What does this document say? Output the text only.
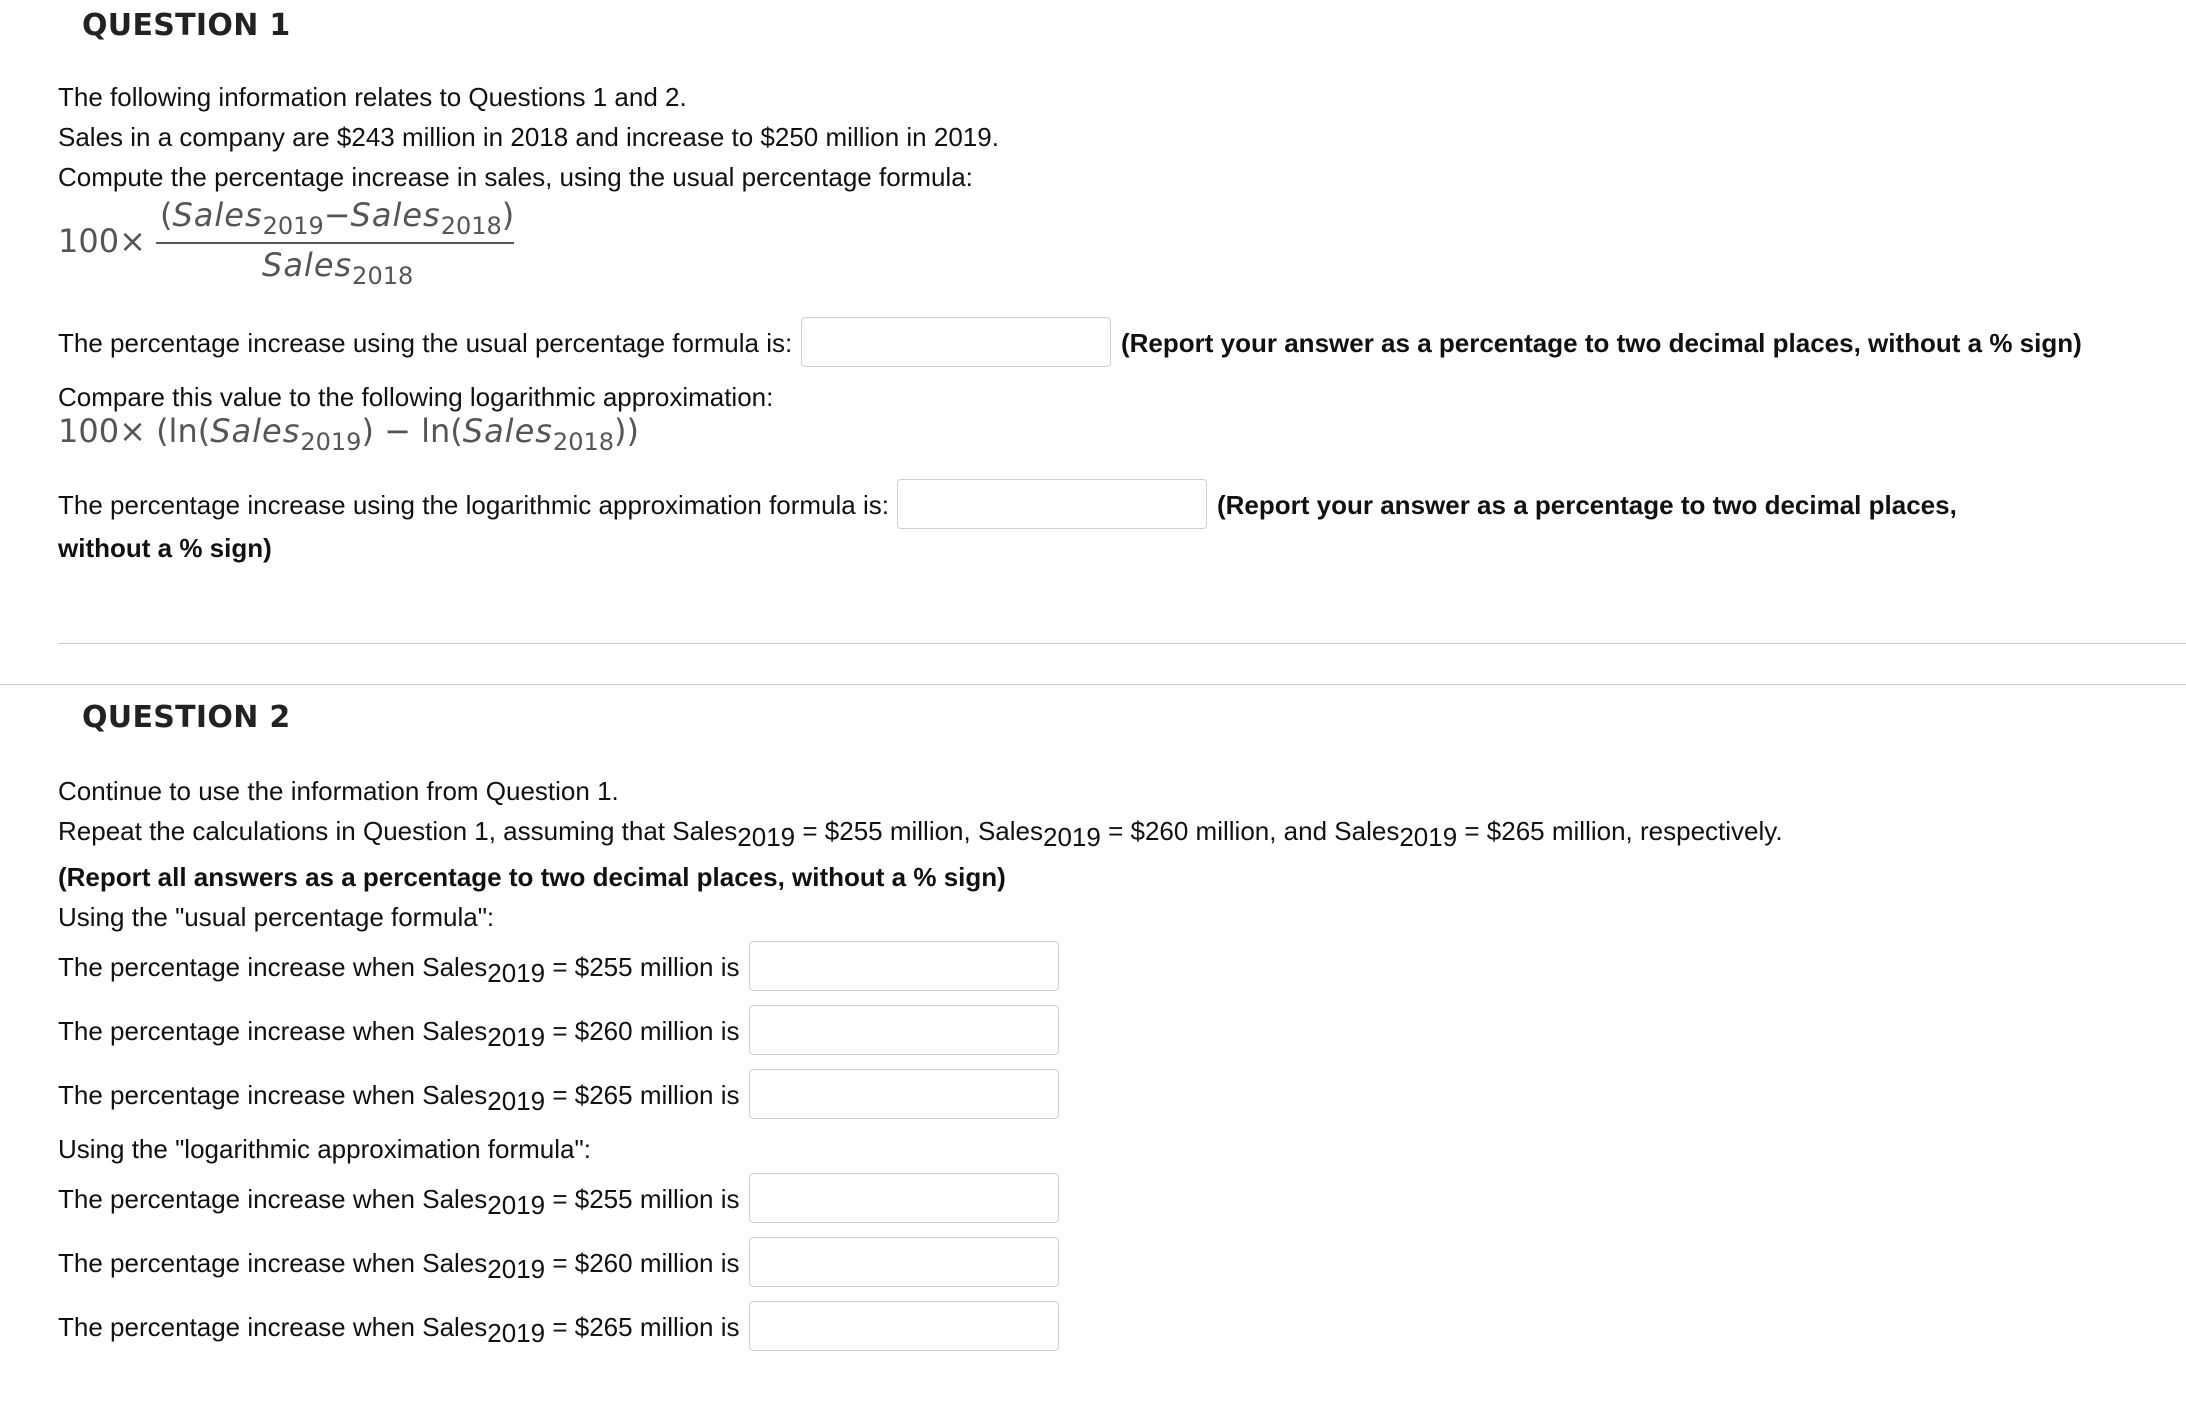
QUESTION 1
The following information relates to Questions 1 and 2.
Sales in a company are $243 million in 2018 and increase to $250 million in 2019.
Compute the percentage increase in sales, using the usual percentage formula:
100×
(Sales$_{2019}$−Sales$_{2018}$)
Sales$_{2018}$
The percentage increase using the usual percentage formula is:	(Report your answer as a percentage to two decimal places, without a % sign)
Compare this value to the following logarithmic approximation:
100× (ln(Sales$_{2019}$) − ln(Sales$_{2018}$))
The percentage increase using the logarithmic approximation formula is:	(Report your answer as a percentage to two decimal places,
without a % sign)
QUESTION 2
Continue to use the information from Question 1.
Repeat the calculations in Question 1, assuming that Sales2019 = $255 million, Sales2019 = $260 million, and Sales2019 = $265 million, respectively.
(Report all answers as a percentage to two decimal places, without a % sign)
Using the "usual percentage formula":
The percentage increase when Sales2019 = $255 million is
The percentage increase when Sales2019 = $260 million is
The percentage increase when Sales2019 = $265 million is
Using the "logarithmic approximation formula":
The percentage increase when Sales2019 = $255 million is
The percentage increase when Sales2019 = $260 million is
The percentage increase when Sales2019 = $265 million is
